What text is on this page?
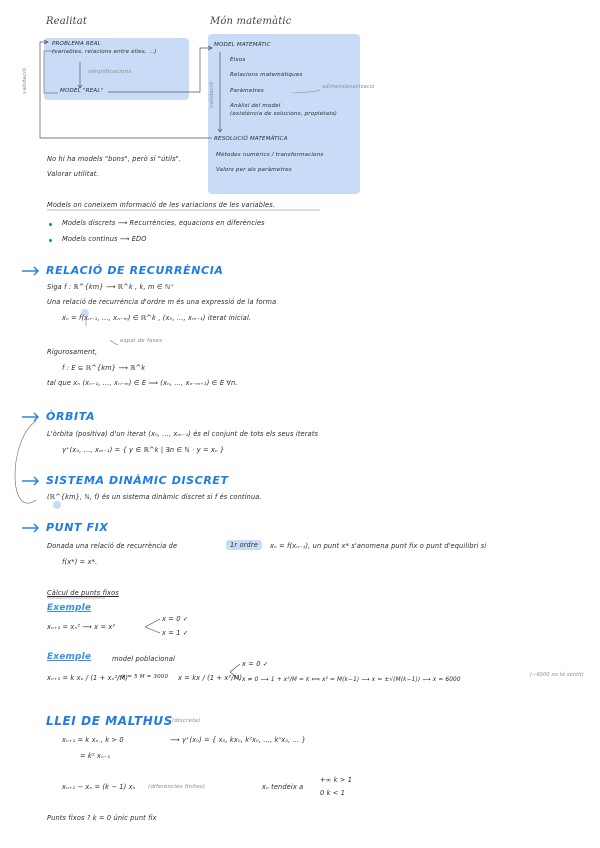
Realitat	Món matemàtic
PROBLEMA REAL
(variables, relacions entre elles, ...)
simplificacions
MODEL "REAL"
validació
MODEL MATEMÀTIC
Eixos
Relacions matemàtiques
Paràmetres
Anàlisi del model
(existència de solucions, propietats)
adimensionalització
validació
RESOLUCIÓ MATEMÀTICA
Mètodes numèrics / transformacions
Valors per als paràmetres
No hi ha models "bons", però sí "útils".
Valorar utilitat.
Models on coneixem informació de les variacions de les variables.
Models discrets ⟶ Recurrències, equacions en diferències
Models continus ⟶ EDO
RELACIÓ DE RECURRÈNCIA
Siga f : ℝ^{km} ⟶ ℝ^k , k, m ∈ ℕ⁺
Una relació de recurrència d'ordre m és una expressió de la forma
xₙ = f(xₙ₋₁, ..., xₙ₋ₘ) ∈ ℝ^k , (x₀, ..., xₘ₋₁) iterat inicial.
espai de fases
Rigurosament,
f : E ⊆ ℝ^{km} ⟶ ℝ^k
tal que xₙ (xₙ₋₁, ..., xₙ₋ₘ) ∈ E ⟹ (xₙ, ..., xₙ₋ₘ₊₁) ∈ E ∀n.
ÒRBITA
L'òrbita (positiva) d'un iterat (x₀, ..., xₘ₋₁) és el conjunt de tots els seus iterats
γ⁺(x₀, ..., xₘ₋₁) = { y ∈ ℝ^k | ∃n ∈ ℕ · y = xₙ }
SISTEMA DINÀMIC DISCRET
(ℝ^{km}, ℕ, f) és un sistema dinàmic discret si f és contínua.
PUNT FIX
Donada una relació de recurrència de	1r ordre	xₙ = f(xₙ₋₁), un punt x* s'anomena punt fix o punt d'equilibri si
f(x*) = x*.
Càlcul de punts fixos
Exemple
xₙ₊₁ = xₙ² ⟶ x = x²
x = 0 ✓
x = 1 ✓
Exemple	model poblacional
xₙ₊₁ = k xₙ / (1 + xₙ²/M)
k = 5 M = 3000 x = kx / (1 + x²/M)
x = 0 ✓
x ≠ 0 ⟶ 1 + x²/M = k ⟺ x² = M(k−1) ⟶ x = ±√(M(k−1)) ⟶ x = 6000
(−6000 no té sentit)
LLEI DE MALTHUS (discreta)
xₙ₊₁ = k xₙ , k > 0	⟶ γ⁺(x₀) = { x₀, kx₀, k²x₀, ..., kⁿx₀, ... }
= k² xₙ₋₁
xₙ₊₁ − xₙ = (k − 1) xₙ (diferències finites)	xₙ tendeix a
+∞ k > 1
0 k < 1
Punts fixos ? k = 0 únic punt fix
